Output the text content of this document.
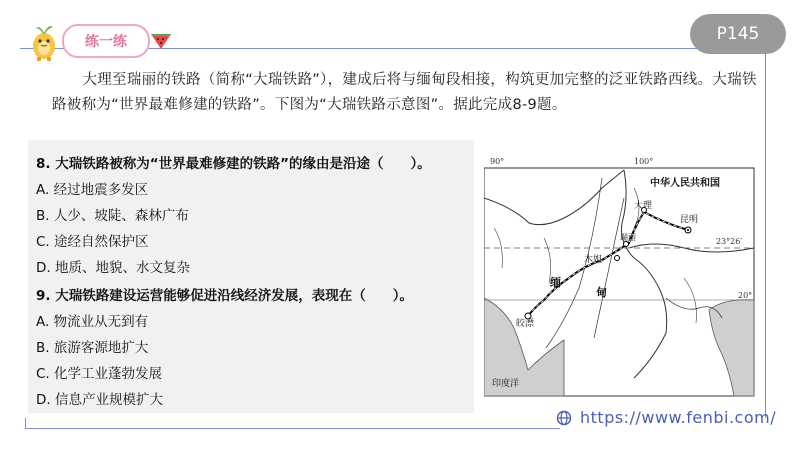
练一练	P145
大理至瑞丽的铁路（简称“大瑞铁路”），建成后将与缅甸段相接，构筑更加完整的泛亚铁路西线。大瑞铁路被称为“世界最难修建的铁路”。下图为“大瑞铁路示意图”。据此完成8-9题。
8. 大瑞铁路被称为“世界最难修建的铁路”的缘由是沿途（　　）。
A. 经过地震多发区
B. 人少、坡陡、森林广布
C. 途经自然保护区
D. 地质、地貌、水文复杂
9. 大瑞铁路建设运营能够促进沿线经济发展，表现在（　　）。
A. 物流业从无到有
B. 旅游客源地扩大
C. 化学工业蓬勃发展
D. 信息产业规模扩大
90°	100°
23°26′
20°
中华人民共和国
大理
昆明
瑞丽
木姐
缅
甸
皎漂
印度洋
https://www.fenbi.com/
